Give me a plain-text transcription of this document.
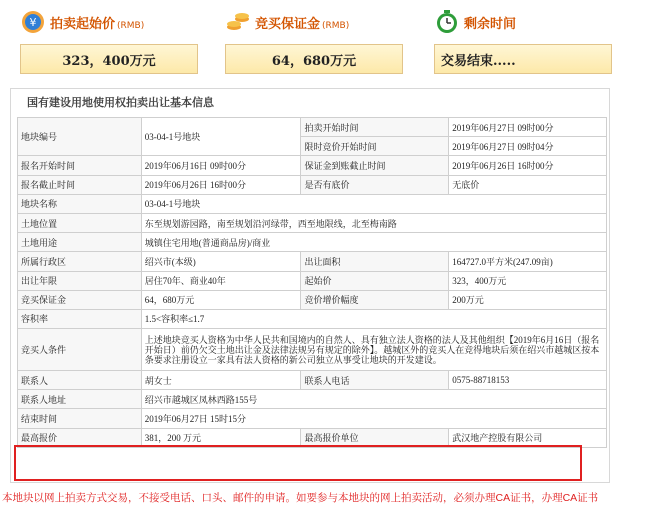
¥ 拍卖起始价 (RMB)
323，400万元
竞买保证金 (RMB)
64，680万元
剩余时间
交易结束.....
国有建设用地使用权拍卖出让基本信息
地块编号	03-04-1号地块	拍卖开始时间	2019年06月27日 09时00分
		限时竞价开始时间	2019年06月27日 09时04分
报名开始时间	2019年06月16日 09时00分	保证金到账截止时间	2019年06月26日 16时00分
报名截止时间	2019年06月26日 16时00分	是否有底价	无底价
地块名称	03-04-1号地块		
土地位置	东至规划游园路，南至规划沿河绿带，西至地限线，北至梅南路		
土地用途	城镇住宅用地(普通商品房)/商业		
所属行政区	绍兴市(本级)	出让面积	164727.0平方米(247.09亩)
出让年限	居住70年、商业40年	起始价	323，400万元
竞买保证金	64，680万元	竞价增价幅度	200万元
容积率	1.5<容积率≤1.7		
竞买人条件	上述地块竞买人资格为中华人民共和国境内的自然人、具有独立法人资格的法人及其他组织【2019年6月16日（报名开始日）前仍欠交土地出让金及法律法规另有规定的除外】。越城区外的竞买人在竞得地块后须在绍兴市越城区按本条要求注册设立一家具有法人资格的新公司独立从事受让地块的开发建设。		
联系人	胡女士	联系人电话	0575-88718153
联系人地址	绍兴市越城区凤林西路155号		
结束时间	2019年06月27日 15时15分		
最高报价	381，200 万元	最高报价单位	武汉地产控股有限公司
本地块以网上拍卖方式交易，不接受电话、口头、邮件的申请。如要参与本地块的网上拍卖活动，必须办理CA证书，办理CA证书
